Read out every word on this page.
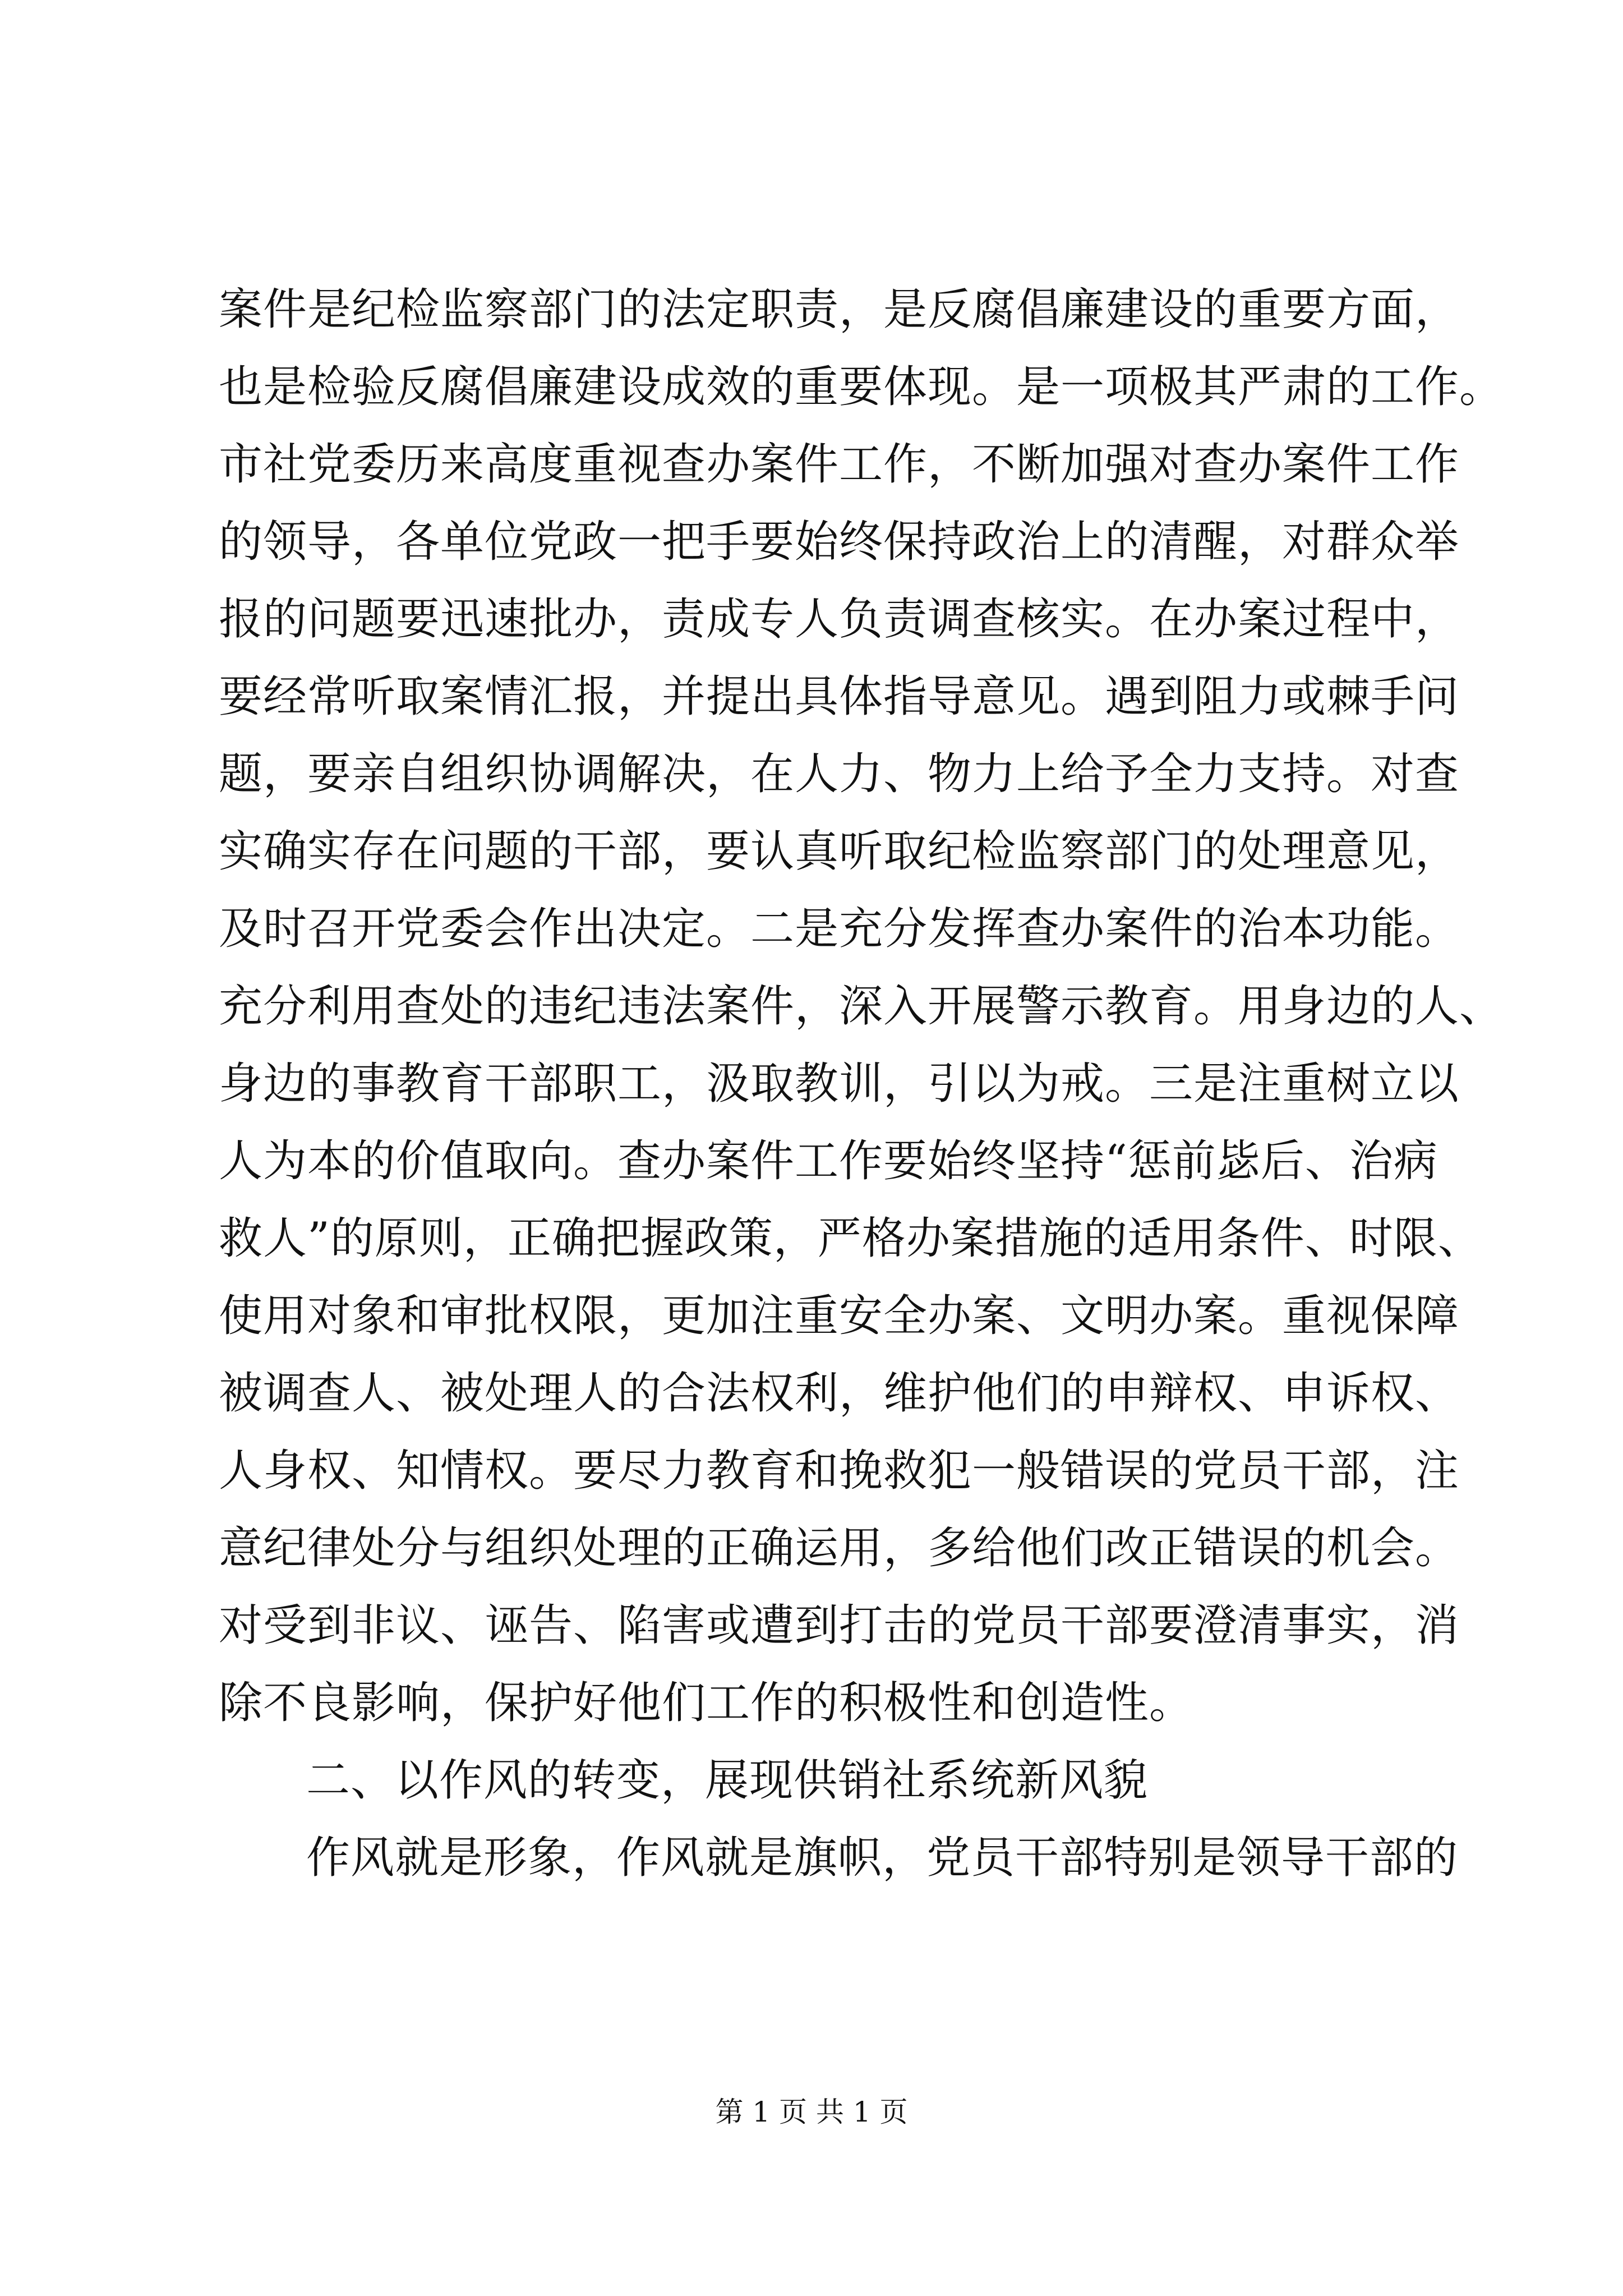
案件是纪检监察部门的法定职责，是反腐倡廉建设的重要方面，
也是检验反腐倡廉建设成效的重要体现。是一项极其严肃的工作。
市社党委历来高度重视查办案件工作，不断加强对查办案件工作
的领导，各单位党政一把手要始终保持政治上的清醒，对群众举
报的问题要迅速批办，责成专人负责调查核实。在办案过程中，
要经常听取案情汇报，并提出具体指导意见。遇到阻力或棘手问
题，要亲自组织协调解决，在人力、物力上给予全力支持。对查
实确实存在问题的干部，要认真听取纪检监察部门的处理意见，
及时召开党委会作出决定。二是充分发挥查办案件的治本功能。
充分利用查处的违纪违法案件，深入开展警示教育。用身边的人、
身边的事教育干部职工，汲取教训，引以为戒。三是注重树立以
人为本的价值取向。查办案件工作要始终坚持“惩前毖后、治病
救人”的原则，正确把握政策，严格办案措施的适用条件、时限、
使用对象和审批权限，更加注重安全办案、文明办案。重视保障
被调查人、被处理人的合法权利，维护他们的申辩权、申诉权、
人身权、知情权。要尽力教育和挽救犯一般错误的党员干部，注
意纪律处分与组织处理的正确运用，多给他们改正错误的机会。
对受到非议、诬告、陷害或遭到打击的党员干部要澄清事实，消
除不良影响，保护好他们工作的积极性和创造性。
二、以作风的转变，展现供销社系统新风貌
作风就是形象，作风就是旗帜，党员干部特别是领导干部的
第 1 页 共 1 页
